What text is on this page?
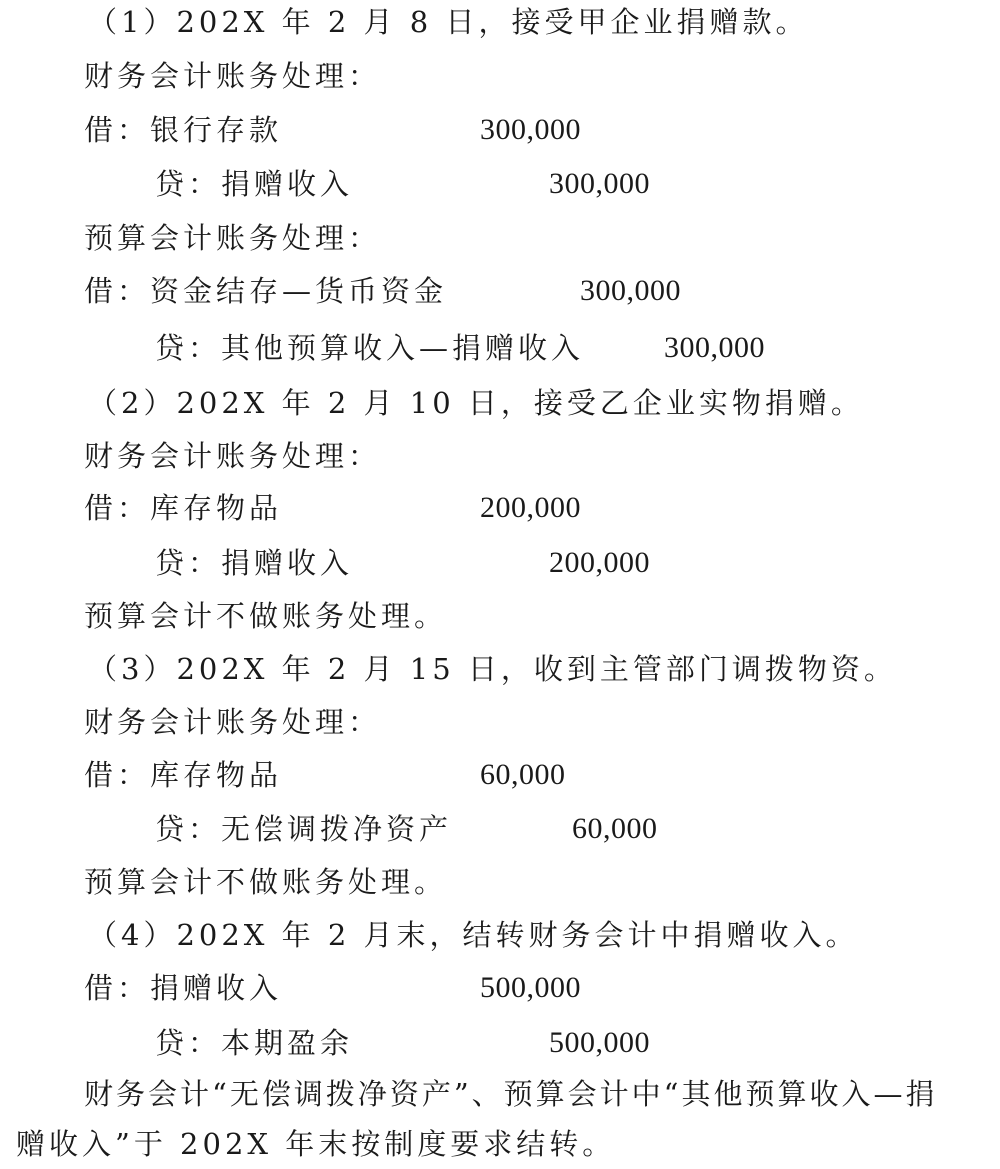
（1）202X 年 2 月 8 日，接受甲企业捐赠款。
财务会计账务处理：
借：银行存款	300,000
贷：捐赠收入	300,000
预算会计账务处理：
借：资金结存—货币资金	300,000
贷：其他预算收入—捐赠收入	300,000
（2）202X 年 2 月 10 日，接受乙企业实物捐赠。
财务会计账务处理：
借：库存物品	200,000
贷：捐赠收入	200,000
预算会计不做账务处理。
（3）202X 年 2 月 15 日，收到主管部门调拨物资。
财务会计账务处理：
借：库存物品	60,000
贷：无偿调拨净资产	60,000
预算会计不做账务处理。
（4）202X 年 2 月末，结转财务会计中捐赠收入。
借：捐赠收入	500,000
贷：本期盈余	500,000
财务会计“无偿调拨净资产”、预算会计中“其他预算收入—捐
赠收入”于 202X 年末按制度要求结转。
